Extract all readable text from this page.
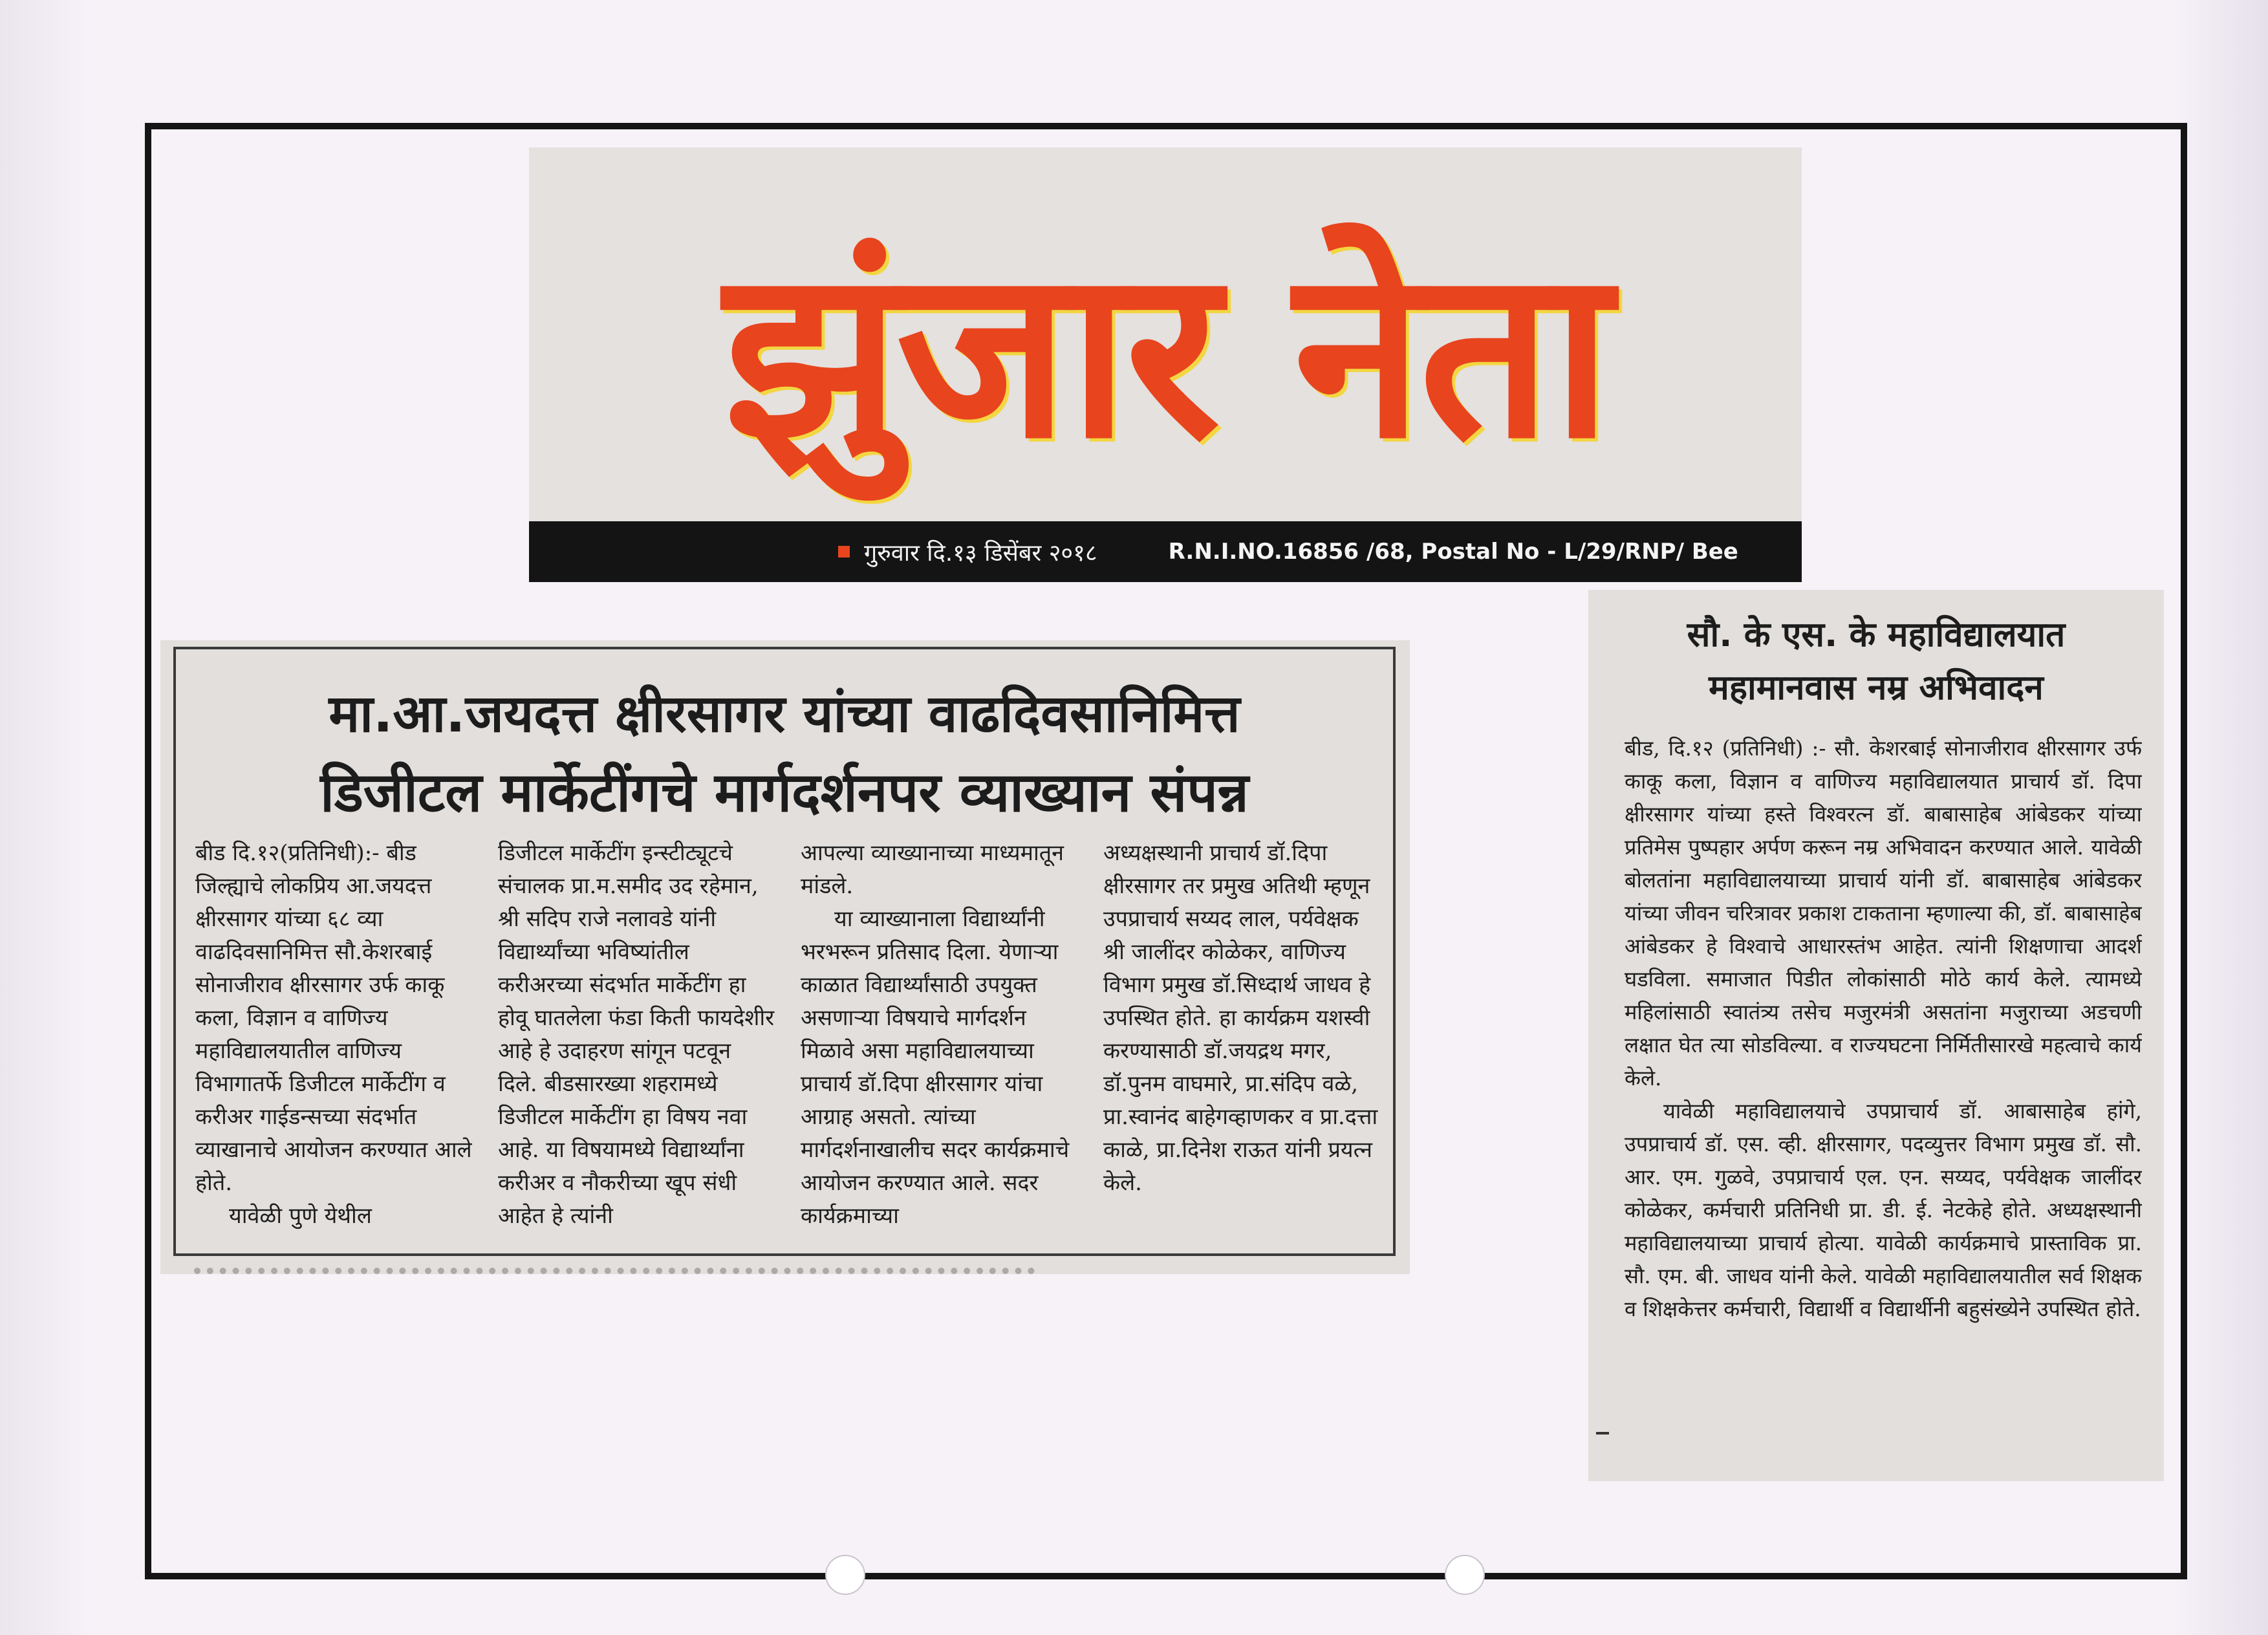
झुंजार नेता
गुरुवार दि.१३ डिसेंबर २०१८	R.N.I.NO.16856 /68, Postal No - L/29/RNP/ Bee
मा.आ.जयदत्त क्षीरसागर यांच्या वाढदिवसानिमित्त
डिजीटल मार्केटींगचे मार्गदर्शनपर व्याख्यान संपन्न

बीड दि.१२(प्रतिनिधी):- बीड जिल्ह्याचे लोकप्रिय आ.जयदत्त क्षीरसागर यांच्या ६८ व्या वाढदिवसानिमित्त सौ.केशरबाई सोनाजीराव क्षीरसागर उर्फ काकू कला, विज्ञान व वाणिज्य महाविद्यालयातील वाणिज्य विभागातर्फे डिजीटल मार्केटींग व करीअर गाईडन्सच्या संदर्भात व्याखानाचे आयोजन करण्यात आले होते.

यावेळी पुणे येथील

डिजीटल मार्केटींग इन्स्टीट्यूटचे संचालक प्रा.म.समीद उद रहेमान, श्री सदिप राजे नलावडे यांनी विद्यार्थ्यांच्या भविष्यांतील करीअरच्या संदर्भात मार्केटींग हा होवू घातलेला फंडा किती फायदेशीर आहे हे उदाहरण सांगून पटवून दिले. बीडसारख्या शहरामध्ये डिजीटल मार्केटींग हा विषय नवा आहे. या विषयामध्ये विद्यार्थ्यांना करीअर व नौकरीच्या खूप संधी आहेत हे त्यांनी

आपल्या व्याख्यानाच्या माध्यमातून मांडले.

या व्याख्यानाला विद्यार्थ्यांनी भरभरून प्रतिसाद दिला. येणाऱ्या काळात विद्यार्थ्यांसाठी उपयुक्त असणाऱ्या विषयाचे मार्गदर्शन मिळावे असा महाविद्यालयाच्या प्राचार्य डॉ.दिपा क्षीरसागर यांचा आग्राह असतो. त्यांच्या मार्गदर्शनाखालीच सदर कार्यक्रमाचे आयोजन करण्यात आले. सदर कार्यक्रमाच्या

अध्यक्षस्थानी प्राचार्य डॉ.दिपा क्षीरसागर तर प्रमुख अतिथी म्हणून उपप्राचार्य सय्यद लाल, पर्यवेक्षक श्री जालींदर कोळेकर, वाणिज्य विभाग प्रमुख डॉ.सिध्दार्थ जाधव हे उपस्थित होते. हा कार्यक्रम यशस्वी करण्यासाठी डॉ.जयद्रथ मगर, डॉ.पुनम वाघमारे, प्रा.संदिप वळे, प्रा.स्वानंद बाहेगव्हाणकर व प्रा.दत्ता काळे, प्रा.दिनेश राऊत यांनी प्रयत्न केले.

सौ. के एस. के महाविद्यालयात
महामानवास नम्र अभिवादन

बीड, दि.१२ (प्रतिनिधी) :- सौ. केशरबाई सोनाजीराव क्षीरसागर उर्फ काकू कला, विज्ञान व वाणिज्य महाविद्यालयात प्राचार्य डॉ. दिपा क्षीरसागर यांच्या हस्ते विश्वरत्न डॉ. बाबासाहेब आंबेडकर यांच्या प्रतिमेस पुष्पहार अर्पण करून नम्र अभिवादन करण्यात आले. यावेळी बोलतांना महाविद्यालयाच्या प्राचार्य यांनी डॉ. बाबासाहेब आंबेडकर यांच्या जीवन चरित्रावर प्रकाश टाकताना म्हणाल्या की, डॉ. बाबासाहेब आंबेडकर हे विश्वाचे आधारस्तंभ आहेत. त्यांनी शिक्षणाचा आदर्श घडविला. समाजात पिडीत लोकांसाठी मोठे कार्य केले. त्यामध्ये महिलांसाठी स्वातंत्र्य तसेच मजुरमंत्री असतांना मजुराच्या अडचणी लक्षात घेत त्या सोडविल्या. व राज्यघटना निर्मितीसारखे महत्वाचे कार्य केले.

यावेळी महाविद्यालयाचे उपप्राचार्य डॉ. आबासाहेब हांगे, उपप्राचार्य डॉ. एस. व्ही. क्षीरसागर, पदव्युत्तर विभाग प्रमुख डॉ. सौ. आर. एम. गुळवे, उपप्राचार्य एल. एन. सय्यद, पर्यवेक्षक जालींदर कोळेकर, कर्मचारी प्रतिनिधी प्रा. डी. ई. नेटकेहे होते. अध्यक्षस्थानी महाविद्यालयाच्या प्राचार्य होत्या. यावेळी कार्यक्रमाचे प्रास्ताविक प्रा. सौ. एम. बी. जाधव यांनी केले. यावेळी महाविद्यालयातील सर्व शिक्षक व शिक्षकेत्तर कर्मचारी, विद्यार्थी व विद्यार्थीनी बहुसंख्येने उपस्थित होते.
